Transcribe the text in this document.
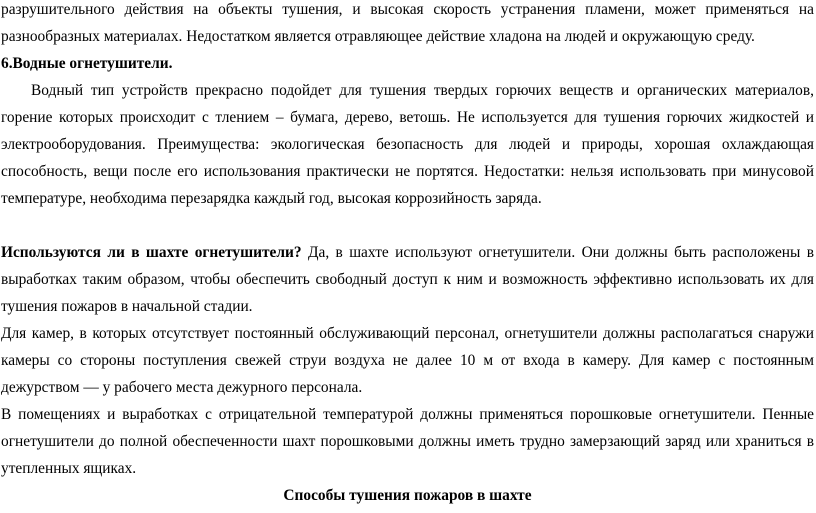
разрушительного действия на объекты тушения, и высокая скорость устранения пламени, может применяться на
разнообразных материалах. Недостатком является отравляющее действие хладона на людей и окружающую среду.
6.Водные огнетушители.
Водный тип устройств прекрасно подойдет для тушения твердых горючих веществ и органических материалов,
горение которых происходит с тлением – бумага, дерево, ветошь. Не используется для тушения горючих жидкостей и
электрооборудования. Преимущества: экологическая безопасность для людей и природы, хорошая охлаждающая
способность, вещи после его использования практически не портятся. Недостатки: нельзя использовать при минусовой
температуре, необходима перезарядка каждый год, высокая коррозийность заряда.
Используются ли в шахте огнетушители? Да, в шахте используют огнетушители. Они должны быть расположены в
выработках таким образом, чтобы обеспечить свободный доступ к ним и возможность эффективно использовать их для
тушения пожаров в начальной стадии.
Для камер, в которых отсутствует постоянный обслуживающий персонал, огнетушители должны располагаться снаружи
камеры со стороны поступления свежей струи воздуха не далее 10 м от входа в камеру. Для камер с постоянным
дежурством — у рабочего места дежурного персонала.
В помещениях и выработках с отрицательной температурой должны применяться порошковые огнетушители. Пенные
огнетушители до полной обеспеченности шахт порошковыми должны иметь трудно замерзающий заряд или храниться в
утепленных ящиках.
Способы тушения пожаров в шахте
